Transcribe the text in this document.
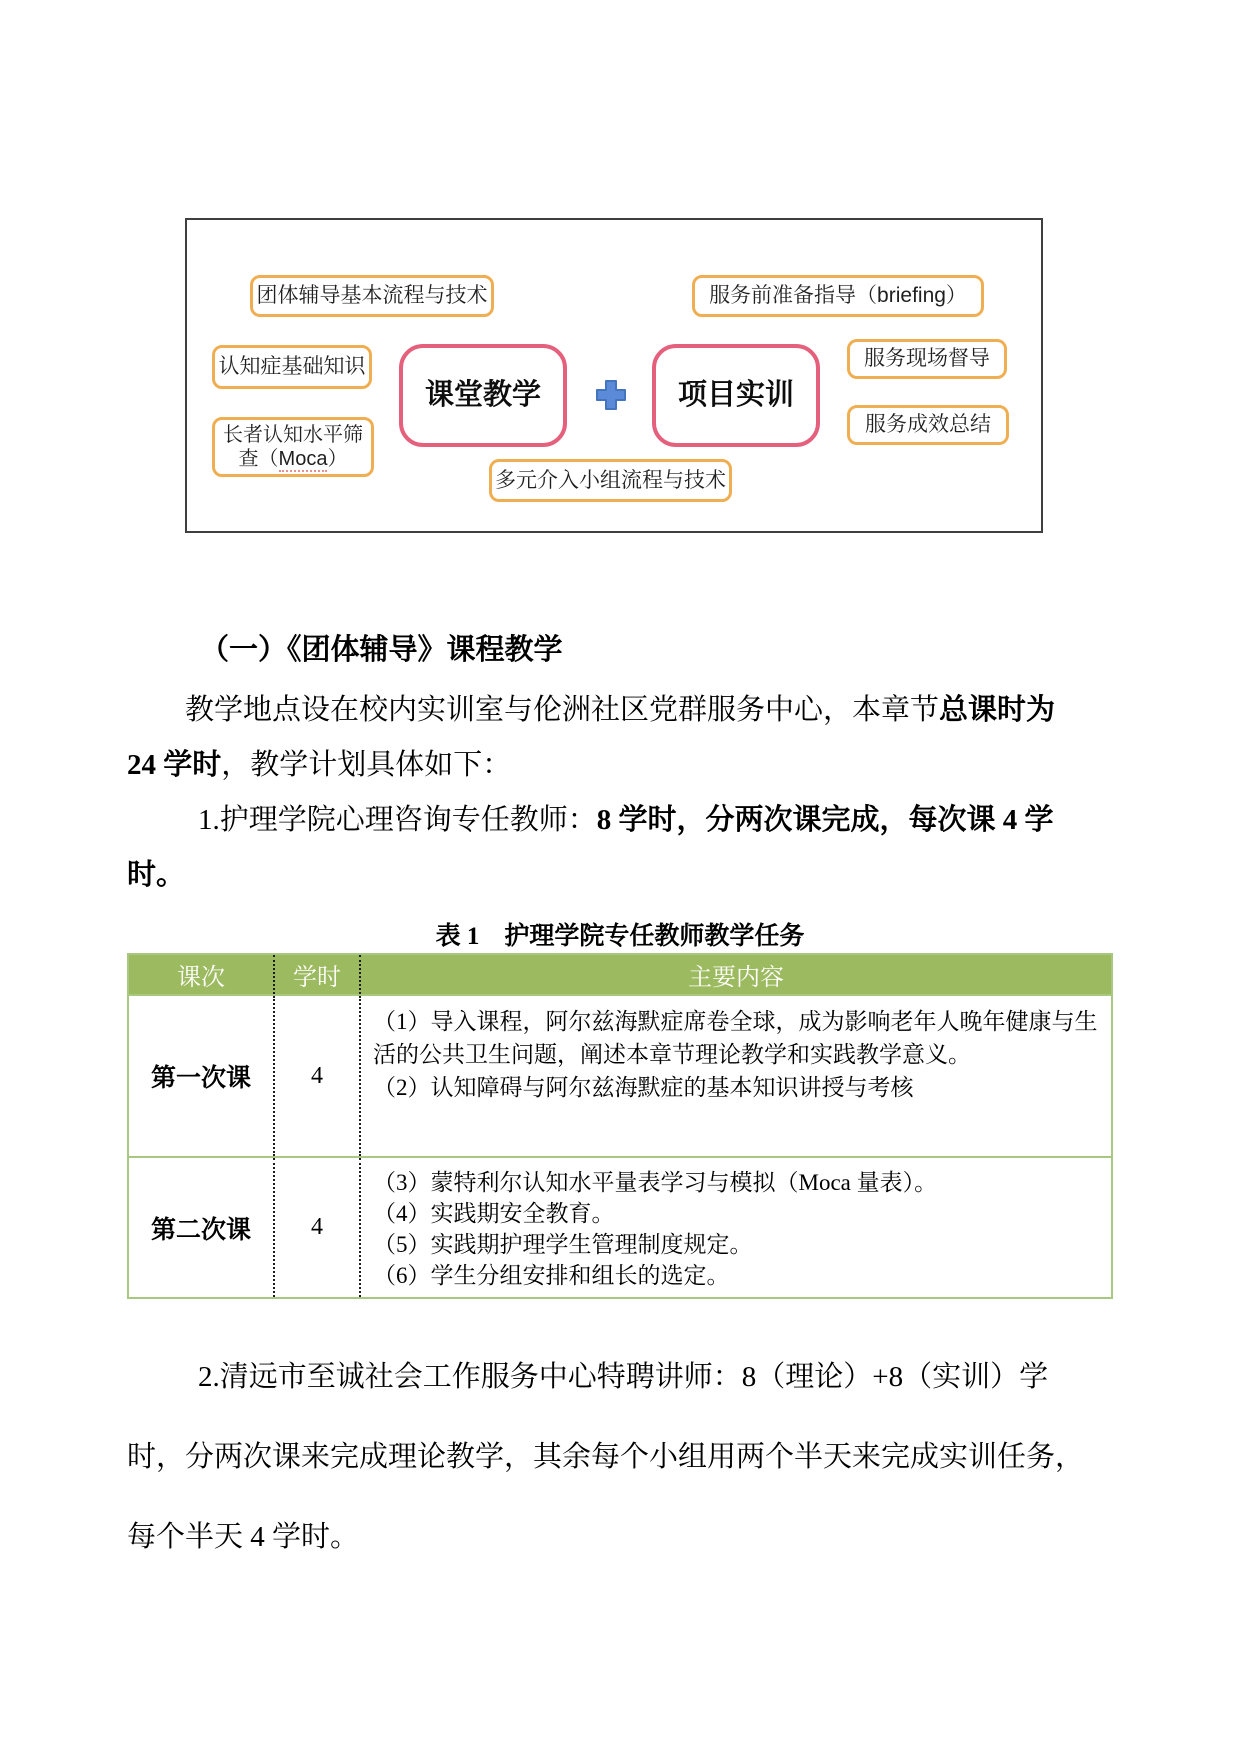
团体辅导基本流程与技术	服务前准备指导（briefing）
认知症基础知识
长者认知水平筛
查（Moca）
课堂教学	项目实训
服务现场督导
服务成效总结
多元介入小组流程与技术
（一）《团体辅导》课程教学
教学地点设在校内实训室与伦洲社区党群服务中心，本章节总课时为
24 学时，教学计划具体如下：
1.护理学院心理咨询专任教师：8 学时，分两次课完成，每次课 4 学
时。
表 1　护理学院专任教师教学任务
课次	学时	主要内容
第一次课	4	（1）导入课程，阿尔兹海默症席卷全球，成为影响老年人晚年健康与生活的公共卫生问题，阐述本章节理论教学和实践教学意义。
（2）认知障碍与阿尔兹海默症的基本知识讲授与考核

第二次课	4	（3）蒙特利尔认知水平量表学习与模拟（Moca 量表）。
（4）实践期安全教育。
（5）实践期护理学生管理制度规定。
（6）学生分组安排和组长的选定。
2.清远市至诚社会工作服务中心特聘讲师：8（理论）+8（实训）学
时，分两次课来完成理论教学，其余每个小组用两个半天来完成实训任务，
每个半天 4 学时。
